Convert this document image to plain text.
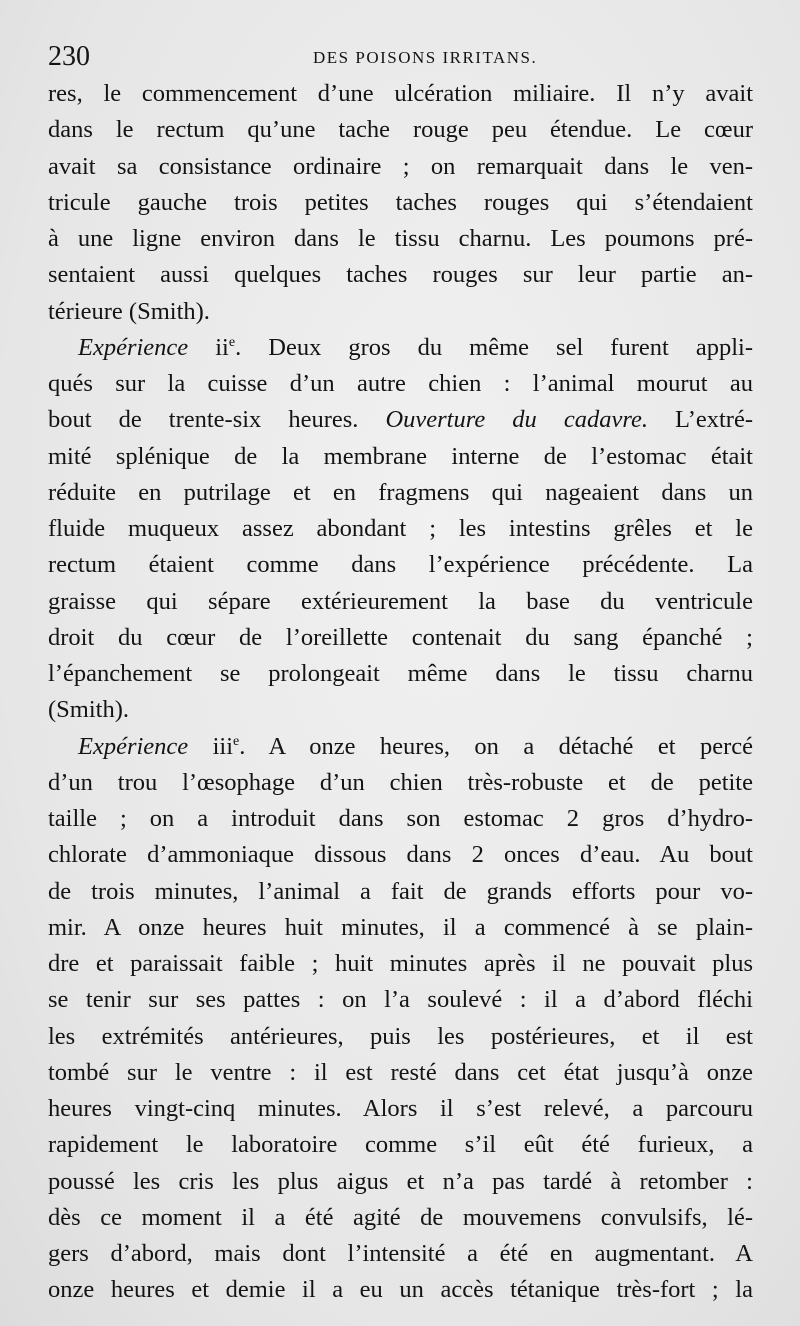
230	DES POISONS IRRITANS.
res, le commencement d’une ulcération miliaire. Il n’y avait
dans le rectum qu’une tache rouge peu étendue. Le cœur
avait sa consistance ordinaire ; on remarquait dans le ven-
tricule gauche trois petites taches rouges qui s’étendaient
à une ligne environ dans le tissu charnu. Les poumons pré-
sentaient aussi quelques taches rouges sur leur partie an-
térieure (Smith).
Expérience $ii^e$. Deux gros du même sel furent appli-
qués sur la cuisse d’un autre chien : l’animal mourut au
bout de trente-six heures. Ouverture du cadavre. L’extré-
mité splénique de la membrane interne de l’estomac était
réduite en putrilage et en fragmens qui nageaient dans un
fluide muqueux assez abondant ; les intestins grêles et le
rectum étaient comme dans l’expérience précédente. La
graisse qui sépare extérieurement la base du ventricule
droit du cœur de l’oreillette contenait du sang épanché ;
l’épanchement se prolongeait même dans le tissu charnu
(Smith).
Expérience iii$^e$. A onze heures, on a détaché et percé
d’un trou l’œsophage d’un chien très-robuste et de petite
taille ; on a introduit dans son estomac 2 gros d’hydro-
chlorate d’ammoniaque dissous dans 2 onces d’eau. Au bout
de trois minutes, l’animal a fait de grands efforts pour vo-
mir. A onze heures huit minutes, il a commencé à se plain-
dre et paraissait faible ; huit minutes après il ne pouvait plus
se tenir sur ses pattes : on l’a soulevé : il a d’abord fléchi
les extrémités antérieures, puis les postérieures, et il est
tombé sur le ventre : il est resté dans cet état jusqu’à onze
heures vingt-cinq minutes. Alors il s’est relevé, a parcouru
rapidement le laboratoire comme s’il eût été furieux, a
poussé les cris les plus aigus et n’a pas tardé à retomber :
dès ce moment il a été agité de mouvemens convulsifs, lé-
gers d’abord, mais dont l’intensité a été en augmentant. A
onze heures et demie il a eu un accès tétanique très-fort ; la
